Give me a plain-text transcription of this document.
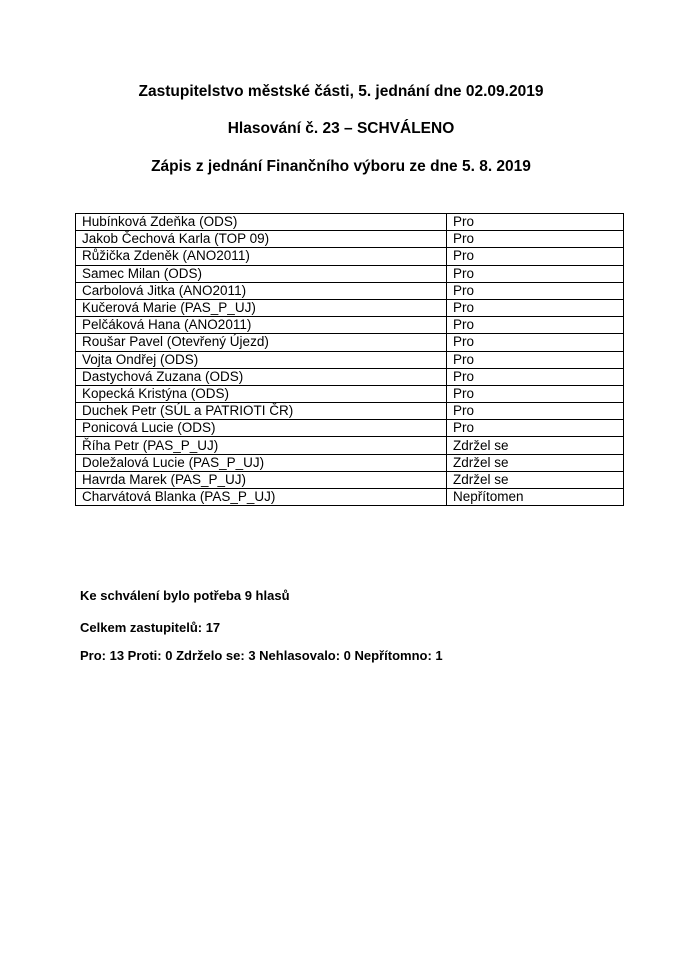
Zastupitelstvo městské části, 5. jednání dne 02.09.2019
Hlasování č. 23 – SCHVÁLENO
Zápis z jednání Finančního výboru ze dne 5. 8. 2019
Hubínková Zdeňka (ODS)	Pro
Jakob Čechová Karla (TOP 09)	Pro
Růžička Zdeněk (ANO2011)	Pro
Samec Milan (ODS)	Pro
Carbolová Jitka (ANO2011)	Pro
Kučerová Marie (PAS_P_UJ)	Pro
Pelčáková Hana (ANO2011)	Pro
Roušar Pavel (Otevřený Újezd)	Pro
Vojta Ondřej (ODS)	Pro
Dastychová Zuzana (ODS)	Pro
Kopecká Kristýna (ODS)	Pro
Duchek Petr (SÚL a PATRIOTI ČR)	Pro
Ponicová Lucie (ODS)	Pro
Říha Petr (PAS_P_UJ)	Zdržel se
Doležalová Lucie (PAS_P_UJ)	Zdržel se
Havrda Marek (PAS_P_UJ)	Zdržel se
Charvátová Blanka (PAS_P_UJ)	Nepřítomen
Ke schválení bylo potřeba 9 hlasů
Celkem zastupitelů: 17
Pro: 13 Proti: 0 Zdrželo se: 3 Nehlasovalo: 0 Nepřítomno: 1
